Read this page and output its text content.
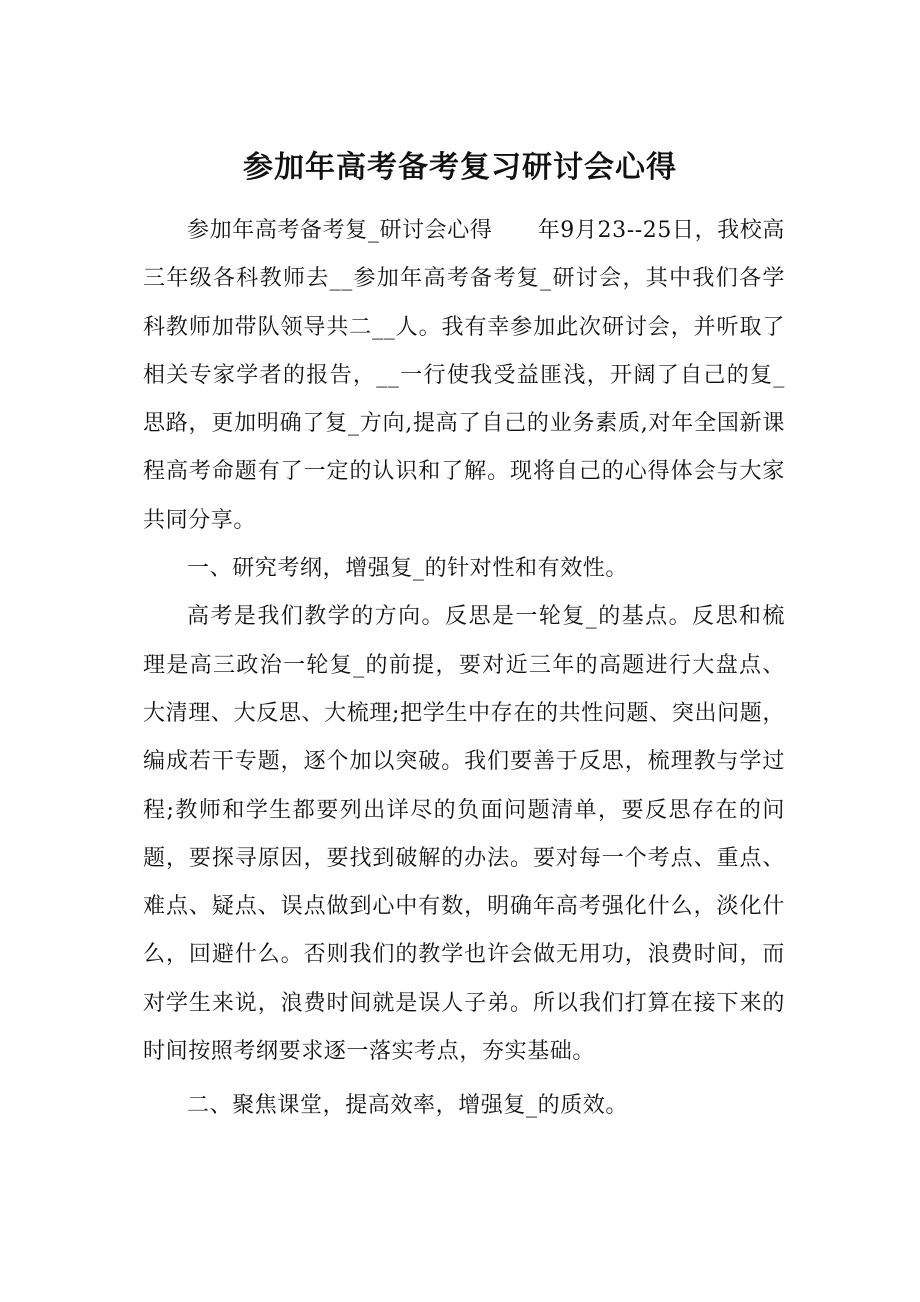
参加年高考备考复习研讨会心得

参加年高考备考复_研讨会心得　　年9月23--25日，我校高三年级各科教师去__参加年高考备考复_研讨会，其中我们各学科教师加带队领导共二__人。我有幸参加此次研讨会，并听取了相关专家学者的报告，__一行使我受益匪浅，开阔了自己的复_思路，更加明确了复_方向,提高了自己的业务素质,对年全国新课程高考命题有了一定的认识和了解。现将自己的心得体会与大家共同分享。

一、研究考纲，增强复_的针对性和有效性。

高考是我们教学的方向。反思是一轮复_的基点。反思和梳理是高三政治一轮复_的前提，要对近三年的高题进行大盘点、大清理、大反思、大梳理;把学生中存在的共性问题、突出问题，编成若干专题，逐个加以突破。我们要善于反思，梳理教与学过程;教师和学生都要列出详尽的负面问题清单，要反思存在的问题，要探寻原因，要找到破解的办法。要对每一个考点、重点、难点、疑点、误点做到心中有数，明确年高考强化什么，淡化什么，回避什么。否则我们的教学也许会做无用功，浪费时间，而对学生来说，浪费时间就是误人子弟。所以我们打算在接下来的时间按照考纲要求逐一落实考点，夯实基础。

二、聚焦课堂，提高效率，增强复_的质效。
